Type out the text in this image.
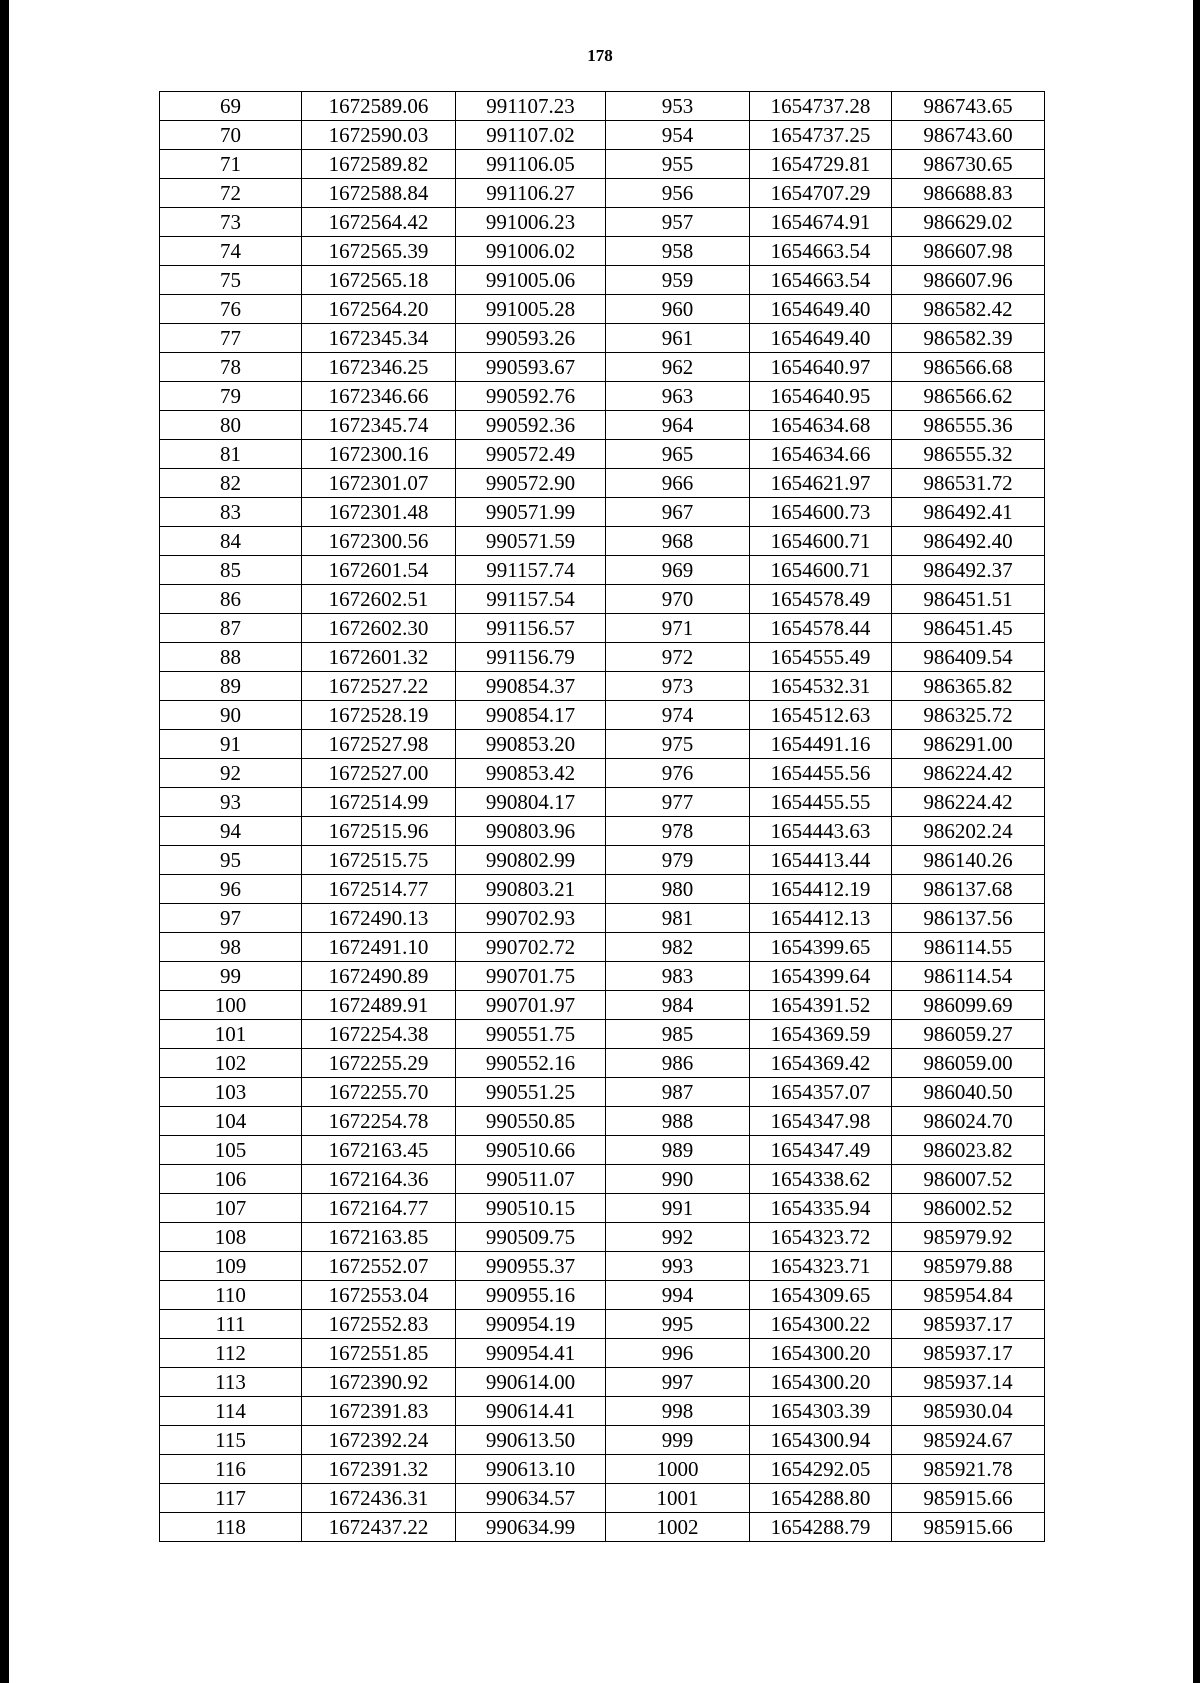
178
69	1672589.06	991107.23	953	1654737.28	986743.65
70	1672590.03	991107.02	954	1654737.25	986743.60
71	1672589.82	991106.05	955	1654729.81	986730.65
72	1672588.84	991106.27	956	1654707.29	986688.83
73	1672564.42	991006.23	957	1654674.91	986629.02
74	1672565.39	991006.02	958	1654663.54	986607.98
75	1672565.18	991005.06	959	1654663.54	986607.96
76	1672564.20	991005.28	960	1654649.40	986582.42
77	1672345.34	990593.26	961	1654649.40	986582.39
78	1672346.25	990593.67	962	1654640.97	986566.68
79	1672346.66	990592.76	963	1654640.95	986566.62
80	1672345.74	990592.36	964	1654634.68	986555.36
81	1672300.16	990572.49	965	1654634.66	986555.32
82	1672301.07	990572.90	966	1654621.97	986531.72
83	1672301.48	990571.99	967	1654600.73	986492.41
84	1672300.56	990571.59	968	1654600.71	986492.40
85	1672601.54	991157.74	969	1654600.71	986492.37
86	1672602.51	991157.54	970	1654578.49	986451.51
87	1672602.30	991156.57	971	1654578.44	986451.45
88	1672601.32	991156.79	972	1654555.49	986409.54
89	1672527.22	990854.37	973	1654532.31	986365.82
90	1672528.19	990854.17	974	1654512.63	986325.72
91	1672527.98	990853.20	975	1654491.16	986291.00
92	1672527.00	990853.42	976	1654455.56	986224.42
93	1672514.99	990804.17	977	1654455.55	986224.42
94	1672515.96	990803.96	978	1654443.63	986202.24
95	1672515.75	990802.99	979	1654413.44	986140.26
96	1672514.77	990803.21	980	1654412.19	986137.68
97	1672490.13	990702.93	981	1654412.13	986137.56
98	1672491.10	990702.72	982	1654399.65	986114.55
99	1672490.89	990701.75	983	1654399.64	986114.54
100	1672489.91	990701.97	984	1654391.52	986099.69
101	1672254.38	990551.75	985	1654369.59	986059.27
102	1672255.29	990552.16	986	1654369.42	986059.00
103	1672255.70	990551.25	987	1654357.07	986040.50
104	1672254.78	990550.85	988	1654347.98	986024.70
105	1672163.45	990510.66	989	1654347.49	986023.82
106	1672164.36	990511.07	990	1654338.62	986007.52
107	1672164.77	990510.15	991	1654335.94	986002.52
108	1672163.85	990509.75	992	1654323.72	985979.92
109	1672552.07	990955.37	993	1654323.71	985979.88
110	1672553.04	990955.16	994	1654309.65	985954.84
111	1672552.83	990954.19	995	1654300.22	985937.17
112	1672551.85	990954.41	996	1654300.20	985937.17
113	1672390.92	990614.00	997	1654300.20	985937.14
114	1672391.83	990614.41	998	1654303.39	985930.04
115	1672392.24	990613.50	999	1654300.94	985924.67
116	1672391.32	990613.10	1000	1654292.05	985921.78
117	1672436.31	990634.57	1001	1654288.80	985915.66
118	1672437.22	990634.99	1002	1654288.79	985915.66
